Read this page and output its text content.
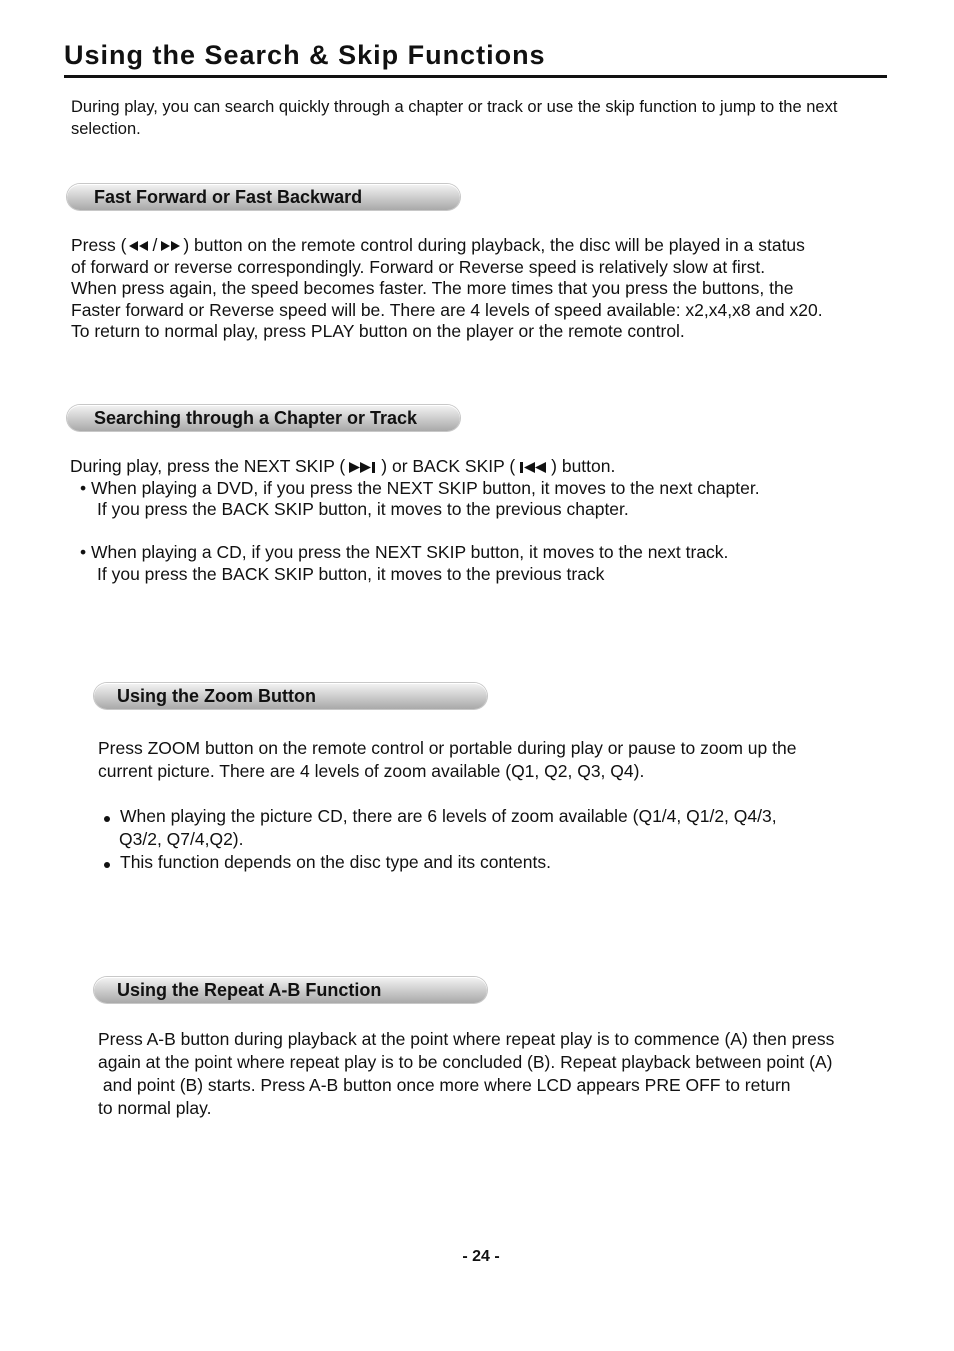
Using the Search & Skip Functions
During play, you can search quickly through a chapter or track or use the skip function to jump to the next selection.
Fast Forward or Fast Backward
Press ( / ) button on the remote control during playback, the disc will be played in a status
of forward or reverse correspondingly. Forward or Reverse speed is relatively slow at first.
When press again, the speed becomes faster. The more times that you press the buttons, the
Faster forward or Reverse speed will be. There are 4 levels of speed available: x2,x4,x8 and x20.
To return to normal play, press PLAY button on the player or the remote control.
Searching through a Chapter or Track
During play, press the NEXT SKIP ( ) or BACK SKIP ( ) button.
• When playing a DVD, if you press the NEXT SKIP button, it moves to the next chapter.
If you press the BACK SKIP button, it moves to the previous chapter.
• When playing a CD, if you press the NEXT SKIP button, it moves to the next track.
If you press the BACK SKIP button, it moves to the previous track
Using the Zoom Button
Press ZOOM button on the remote control or portable during play or pause to zoom up the
current picture. There are 4 levels of zoom available (Q1, Q2, Q3, Q4).
When playing the picture CD, there are 6 levels of zoom available (Q1/4, Q1/2, Q4/3,
Q3/2, Q7/4,Q2).
This function depends on the disc type and its contents.
Using the Repeat A-B Function
Press A-B button during playback at the point where repeat play is to commence (A) then press
again at the point where repeat play is to be concluded (B). Repeat playback between point (A)
and point (B) starts. Press A-B button once more where LCD appears PRE OFF to return
to normal play.
- 24 -
